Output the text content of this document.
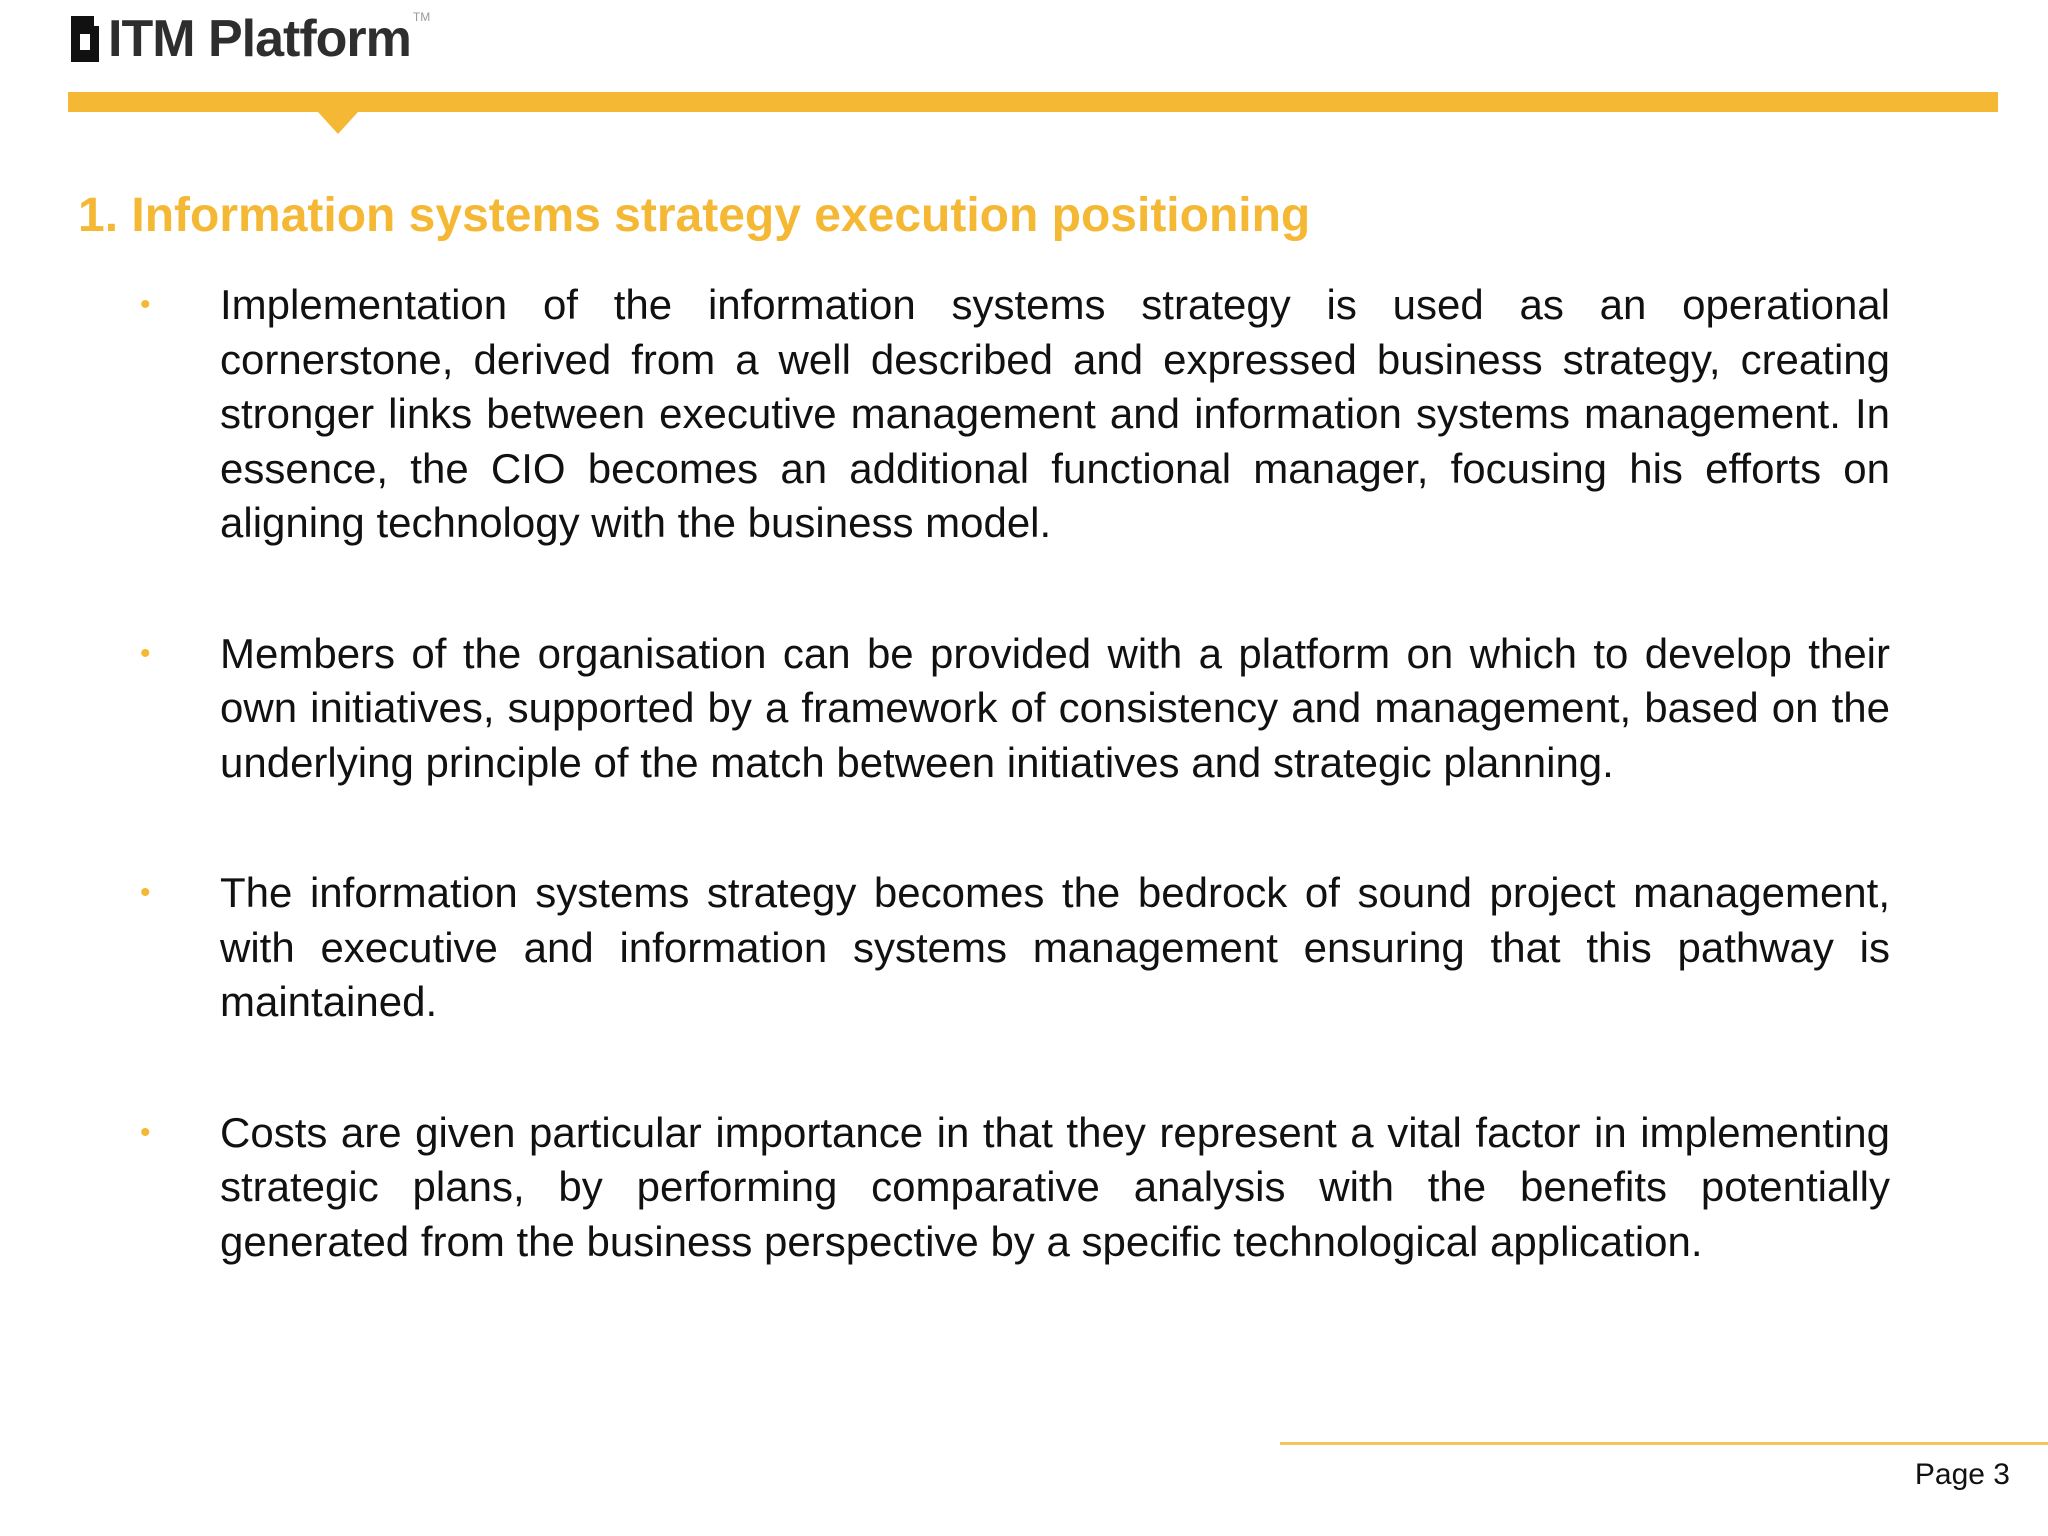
ITM Platform TM
1. Information systems strategy execution positioning
• Implementation of the information systems strategy is used as an operational cornerstone, derived from a well described and expressed business strategy, creating stronger links between executive management and information systems management. In essence, the CIO becomes an additional functional manager, focusing his efforts on aligning technology with the business model.
• Members of the organisation can be provided with a platform on which to develop their own initiatives, supported by a framework of consistency and management, based on the underlying principle of the match between initiatives and strategic planning.
• The information systems strategy becomes the bedrock of sound project management, with executive and information systems management ensuring that this pathway is maintained.
• Costs are given particular importance in that they represent a vital factor in implementing strategic plans, by performing comparative analysis with the benefits potentially generated from the business perspective by a specific technological application.
Page 3
